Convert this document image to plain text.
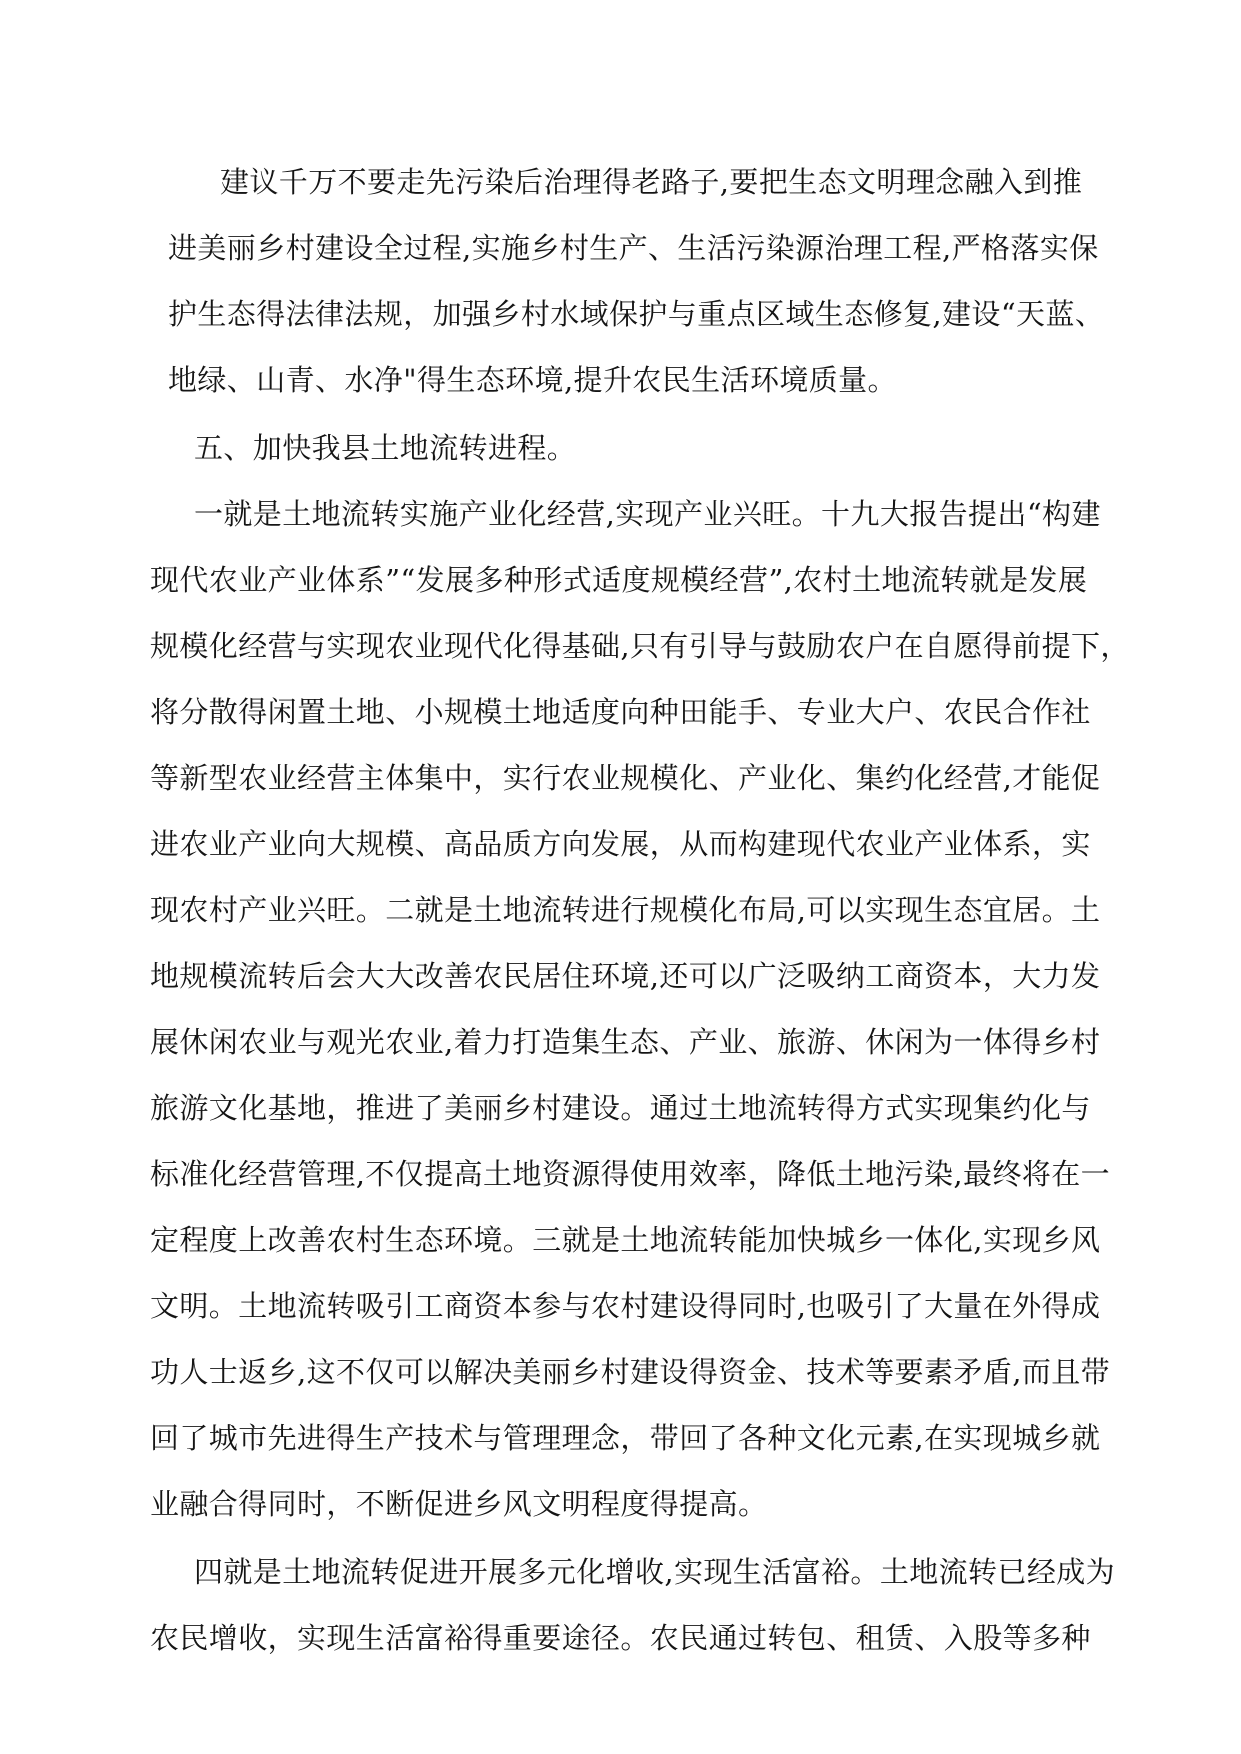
建议千万不要走先污染后治理得老路子,要把生态文明理念融入到推
进美丽乡村建设全过程,实施乡村生产、生活污染源治理工程,严格落实保
护生态得法律法规，加强乡村水域保护与重点区域生态修复,建设“天蓝、
地绿、山青、水净"得生态环境,提升农民生活环境质量。
五、加快我县土地流转进程。
一就是土地流转实施产业化经营,实现产业兴旺。十九大报告提出“构建
现代农业产业体系”“发展多种形式适度规模经营”,农村土地流转就是发展
规模化经营与实现农业现代化得基础,只有引导与鼓励农户在自愿得前提下，
将分散得闲置土地、小规模土地适度向种田能手、专业大户、农民合作社
等新型农业经营主体集中，实行农业规模化、产业化、集约化经营,才能促
进农业产业向大规模、高品质方向发展，从而构建现代农业产业体系，实
现农村产业兴旺。二就是土地流转进行规模化布局,可以实现生态宜居。土
地规模流转后会大大改善农民居住环境,还可以广泛吸纳工商资本，大力发
展休闲农业与观光农业,着力打造集生态、产业、旅游、休闲为一体得乡村
旅游文化基地，推进了美丽乡村建设。通过土地流转得方式实现集约化与
标准化经营管理,不仅提高土地资源得使用效率，降低土地污染,最终将在一
定程度上改善农村生态环境。三就是土地流转能加快城乡一体化,实现乡风
文明。土地流转吸引工商资本参与农村建设得同时,也吸引了大量在外得成
功人士返乡,这不仅可以解决美丽乡村建设得资金、技术等要素矛盾,而且带
回了城市先进得生产技术与管理理念，带回了各种文化元素,在实现城乡就
业融合得同时，不断促进乡风文明程度得提高。
四就是土地流转促进开展多元化增收,实现生活富裕。土地流转已经成为
农民增收，实现生活富裕得重要途径。农民通过转包、租赁、入股等多种
